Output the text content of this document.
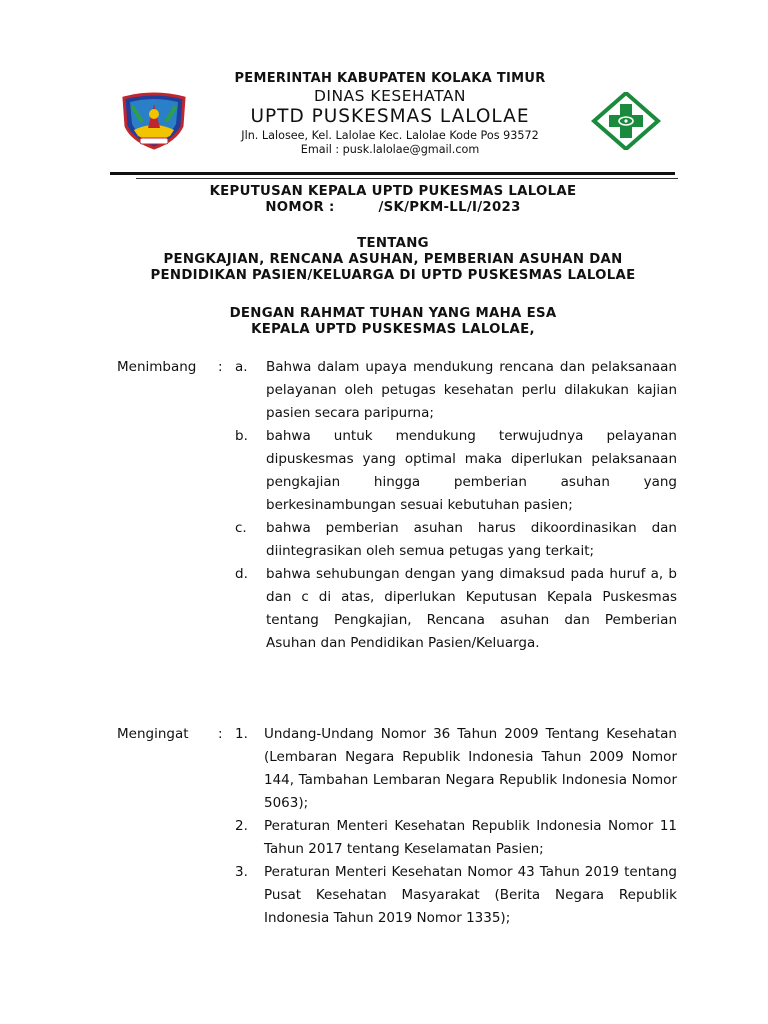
PEMERINTAH KABUPATEN KOLAKA TIMUR
DINAS KESEHATAN
UPTD PUSKESMAS LALOLAE
Jln. Lalosee, Kel. Lalolae Kec. Lalolae Kode Pos 93572
Email : pusk.lalolae@gmail.com
KEPUTUSAN KEPALA UPTD PUKESMAS LALOLAE
NOMOR :	/SK/PKM-LL/I/2023
TENTANG
PENGKAJIAN, RENCANA ASUHAN, PEMBERIAN ASUHAN DAN
PENDIDIKAN PASIEN/KELUARGA DI UPTD PUSKESMAS LALOLAE
DENGAN RAHMAT TUHAN YANG MAHA ESA
KEPALA UPTD PUSKESMAS LALOLAE,
Menimbang	: a. Bahwa dalam upaya mendukung rencana dan pelaksanaan pelayanan oleh petugas kesehatan perlu dilakukan kajian pasien secara paripurna;
b. bahwa untuk mendukung terwujudnya pelayanan dipuskesmas yang optimal maka diperlukan pelaksanaan pengkajian hingga pemberian asuhan yang berkesinambungan sesuai kebutuhan pasien;
c. bahwa pemberian asuhan harus dikoordinasikan dan diintegrasikan oleh semua petugas yang terkait;
d. bahwa sehubungan dengan yang dimaksud pada huruf a, b dan c di atas, diperlukan Keputusan Kepala Puskesmas tentang Pengkajian, Rencana asuhan dan Pemberian Asuhan dan Pendidikan Pasien/Keluarga.
Mengingat	: 1. Undang-Undang Nomor 36 Tahun 2009 Tentang Kesehatan (Lembaran Negara Republik Indonesia Tahun 2009 Nomor 144, Tambahan Lembaran Negara Republik Indonesia Nomor 5063);
2. Peraturan Menteri Kesehatan Republik Indonesia Nomor 11 Tahun 2017 tentang Keselamatan Pasien;
3. Peraturan Menteri Kesehatan Nomor 43 Tahun 2019 tentang Pusat Kesehatan Masyarakat (Berita Negara Republik Indonesia Tahun 2019 Nomor 1335);
